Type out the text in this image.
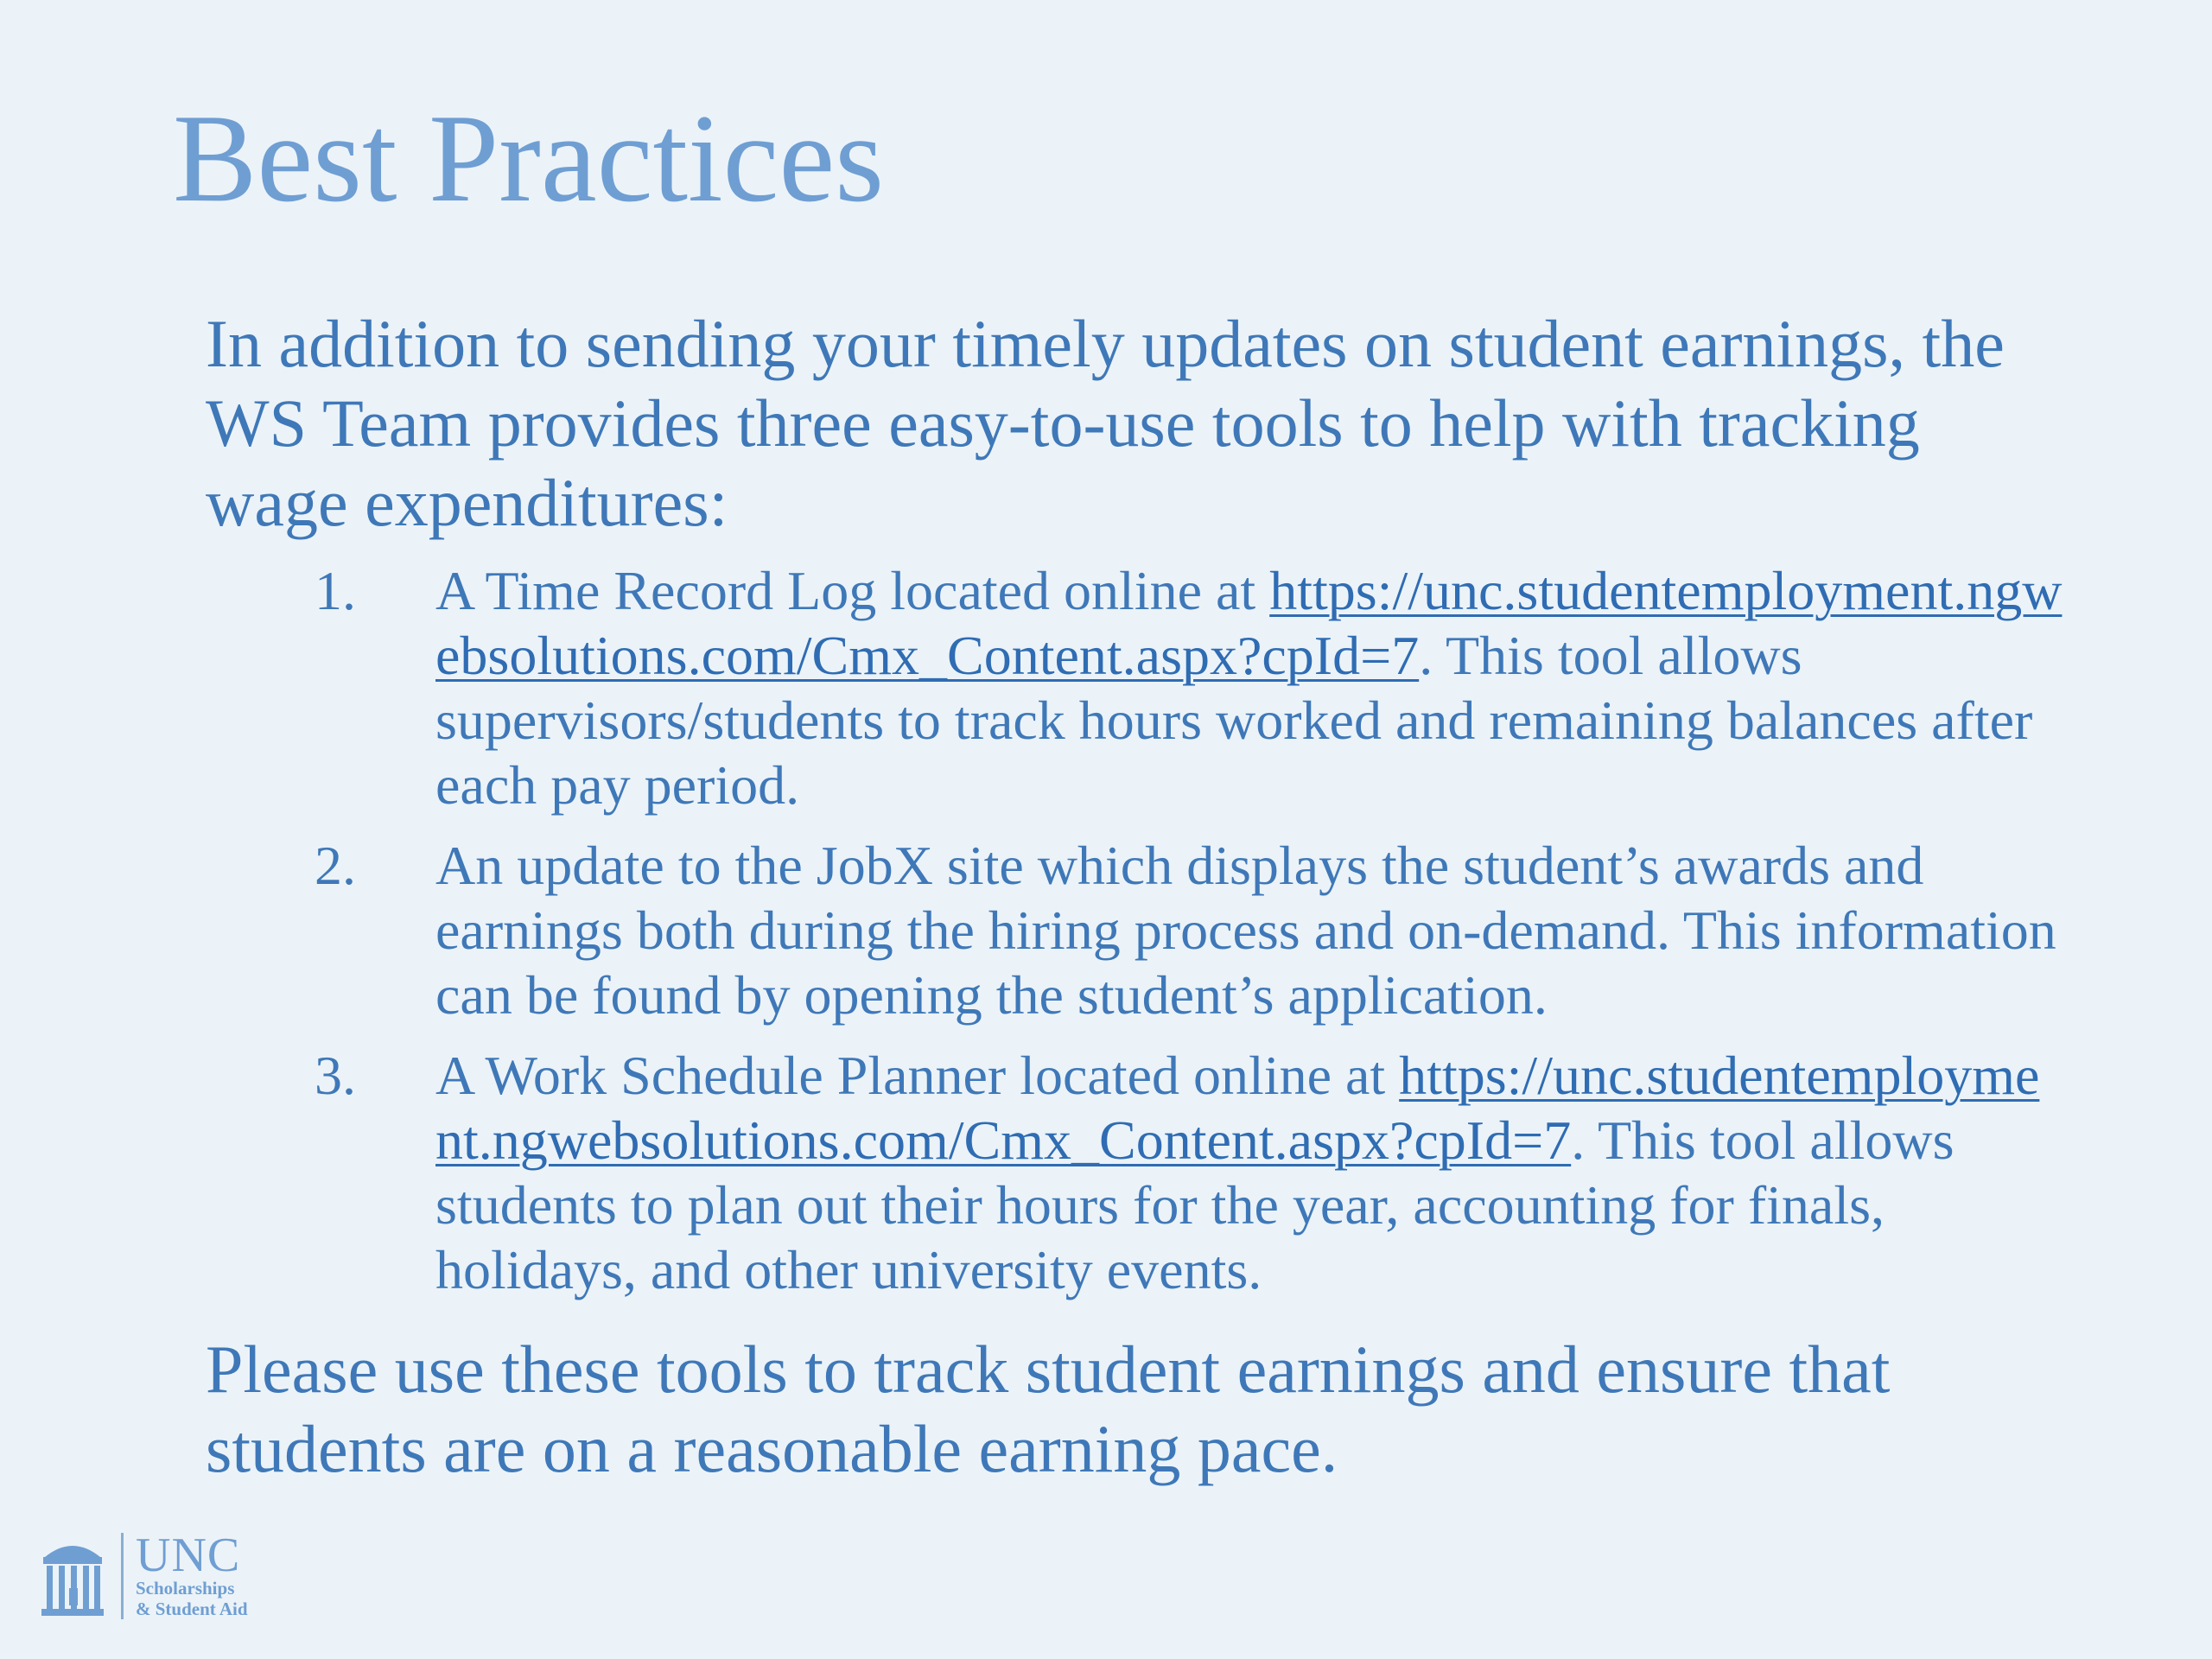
Best Practices

In addition to sending your timely updates on student earnings, the WS Team provides three easy-to-use tools to help with tracking wage expenditures:

1. A Time Record Log located online at https://unc.studentemployment.ngwebsolutions.com/Cmx_Content.aspx?cpId=7. This tool allows supervisors/students to track hours worked and remaining balances after each pay period.
2. An update to the JobX site which displays the student’s awards and earnings both during the hiring process and on-demand. This information can be found by opening the student’s application.
3. A Work Schedule Planner located online at https://unc.studentemployment.ngwebsolutions.com/Cmx_Content.aspx?cpId=7. This tool allows students to plan out their hours for the year, accounting for finals, holidays, and other university events.

Please use these tools to track student earnings and ensure that students are on a reasonable earning pace.

UNC
Scholarships
& Student Aid
